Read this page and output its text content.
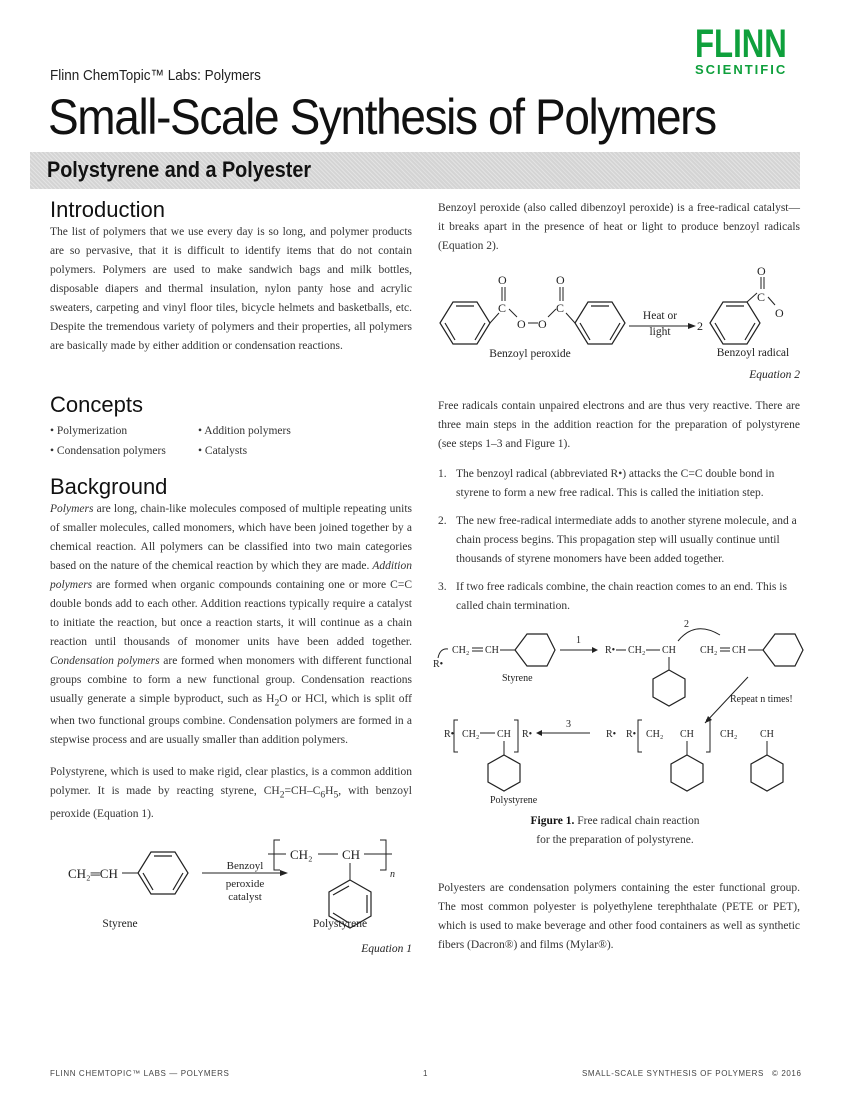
FLINN
SCIENTIFIC
Flinn ChemTopic™ Labs: Polymers
Small-Scale Synthesis of Polymers
Polystyrene and a Polyester
Introduction

The list of polymers that we use every day is so long, and polymer products are so pervasive, that it is difficult to identify items that do not contain polymers. Polymers are used to make sandwich bags and milk bottles, disposable diapers and thermal insulation, nylon panty hose and acrylic sweaters, carpeting and vinyl floor tiles, bicycle helmets and basketballs, etc. Despite the tremendous variety of polymers and their properties, all polymers are basically made by either addition or condensation reactions.

Concepts
• Polymerization	• Addition polymers
• Condensation polymers	• Catalysts
Background

Polymers are long, chain-like molecules composed of multiple repeating units of smaller molecules, called monomers, which have been joined together by a chemical reaction. All polymers can be classified into two main categories based on the nature of the chemical reaction by which they are made. Addition polymers are formed when organic compounds containing one or more C=C double bonds add to each other. Addition reactions typically require a catalyst to initiate the reaction, but once a reaction starts, it will continue as a chain reaction until thousands of monomer units have been added together. Condensation polymers are formed when monomers with different functional groups combine to form a new functional group. Condensation reactions usually generate a simple byproduct, such as $H_2O$ or HCl, which is split off when two functional groups combine. Condensation polymers are formed in a stepwise process and are usually smaller than addition polymers.

Polystyrene, which is used to make rigid, clear plastics, is a common addition polymer. It is made by reacting styrene, $CH_2=CH-C_6H_5$, with benzoyl peroxide (Equation 1).

CH₂═CH	Benzoyl
peroxide
catalyst
CH₂ CH
n
Styrene	Polystyrene
Equation 1

Benzoyl peroxide (also called dibenzoyl peroxide) is a free-radical catalyst—it breaks apart in the presence of heat or light to produce benzoyl radicals (Equation 2).

C
O
O O
C
O
Benzoyl peroxide
Heat or
light 2
C
O
O
Benzoyl radical
Equation 2

Free radicals contain unpaired electrons and are thus very reactive. There are three main steps in the addition reaction for the preparation of polystyrene (see steps 1–3 and Figure 1).

1. The benzoyl radical (abbreviated R•) attacks the C=C double bond in styrene to form a new free radical. This is called the initiation step.
2. The new free-radical intermediate adds to another styrene molecule, and a chain process begins. This propagation step will usually continue until thousands of styrene monomers have been added together.
3. If two free radicals combine, the chain reaction comes to an end. This is called chain termination.
R•
CH₂ CH
Styrene
1
R• CH₂ CH
2
CH₂ CH
Repeat n times!
R• CH₂ CH R•
Polystyrene
3
R• R• CH₂ CH	CH₂ CH
Figure 1. Free radical chain reaction
for the preparation of polystyrene.

Polyesters are condensation polymers containing the ester functional group. The most common polyester is polyethylene terephthalate (PETE or PET), which is used to make beverage and other food containers as well as synthetic fibers (Dacron®) and films (Mylar®).

FLINN CHEMTOPIC™ LABS — POLYMERS	1	SMALL-SCALE SYNTHESIS OF POLYMERS © 2016
